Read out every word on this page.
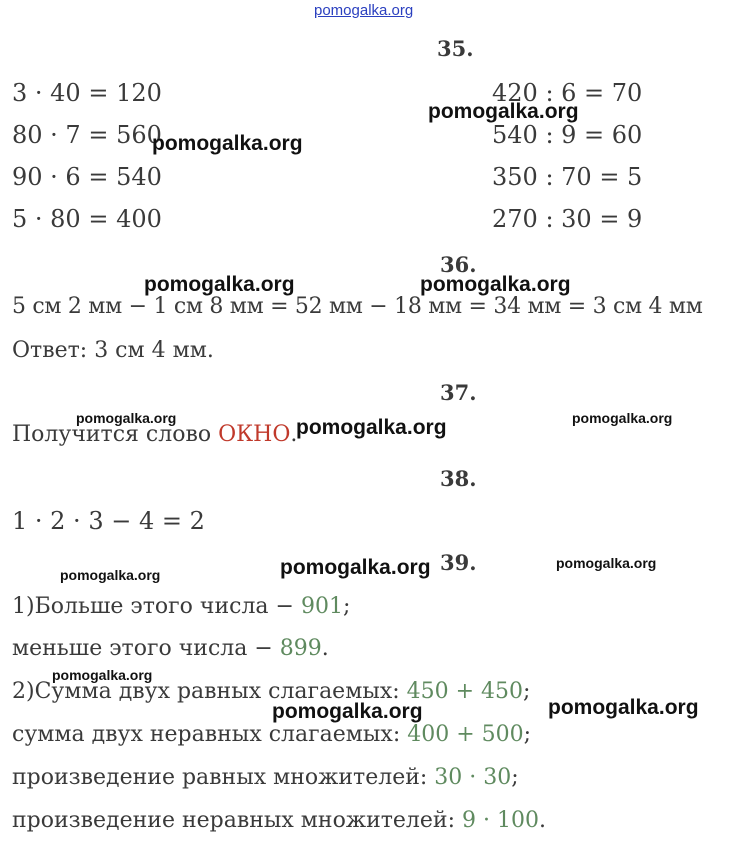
pomogalka.org
35.
3 · 40 = 120
80 · 7 = 560
90 · 6 = 540
5 · 80 = 400
420 : 6 = 70
540 : 9 = 60
350 : 70 = 5
270 : 30 = 9
36.
5 см 2 мм − 1 см 8 мм = 52 мм − 18 мм = 34 мм = 3 см 4 мм
Ответ: 3 см 4 мм.
37.
Получится слово ОКНО.
38.
1 · 2 · 3 − 4 = 2
39.
1)Больше этого числа − 901;
меньше этого числа − 899.
2)Сумма двух равных слагаемых: 450 + 450;
сумма двух неравных слагаемых: 400 + 500;
произведение равных множителей: 30 · 30;
произведение неравных множителей: 9 · 100.
pomogalka.org
pomogalka.org
pomogalka.org	pomogalka.org
pomogalka.org	pomogalka.org	pomogalka.org
pomogalka.org	pomogalka.org	pomogalka.org
pomogalka.org
pomogalka.org	pomogalka.org
